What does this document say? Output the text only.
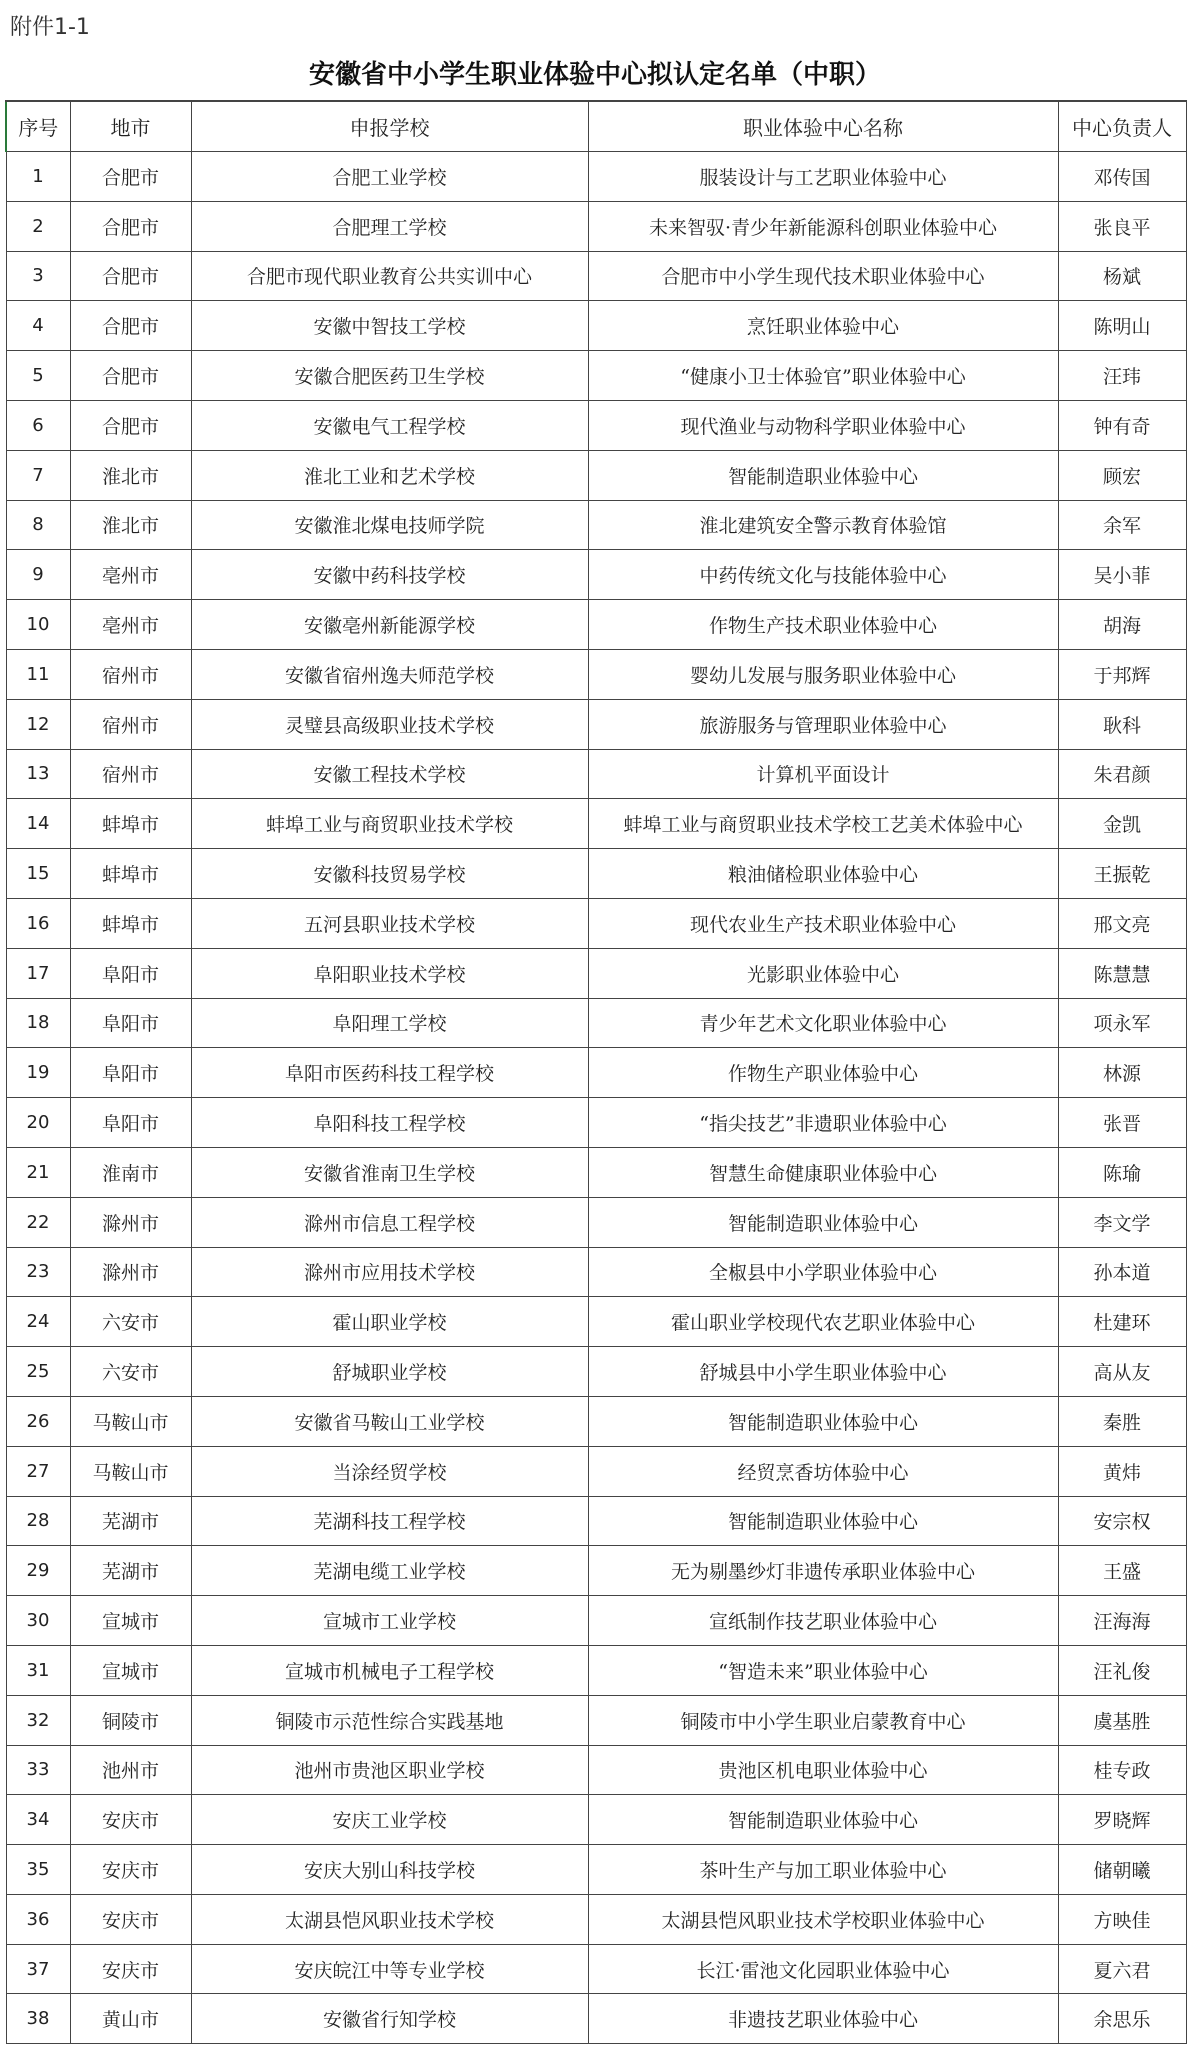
附件1-1
安徽省中小学生职业体验中心拟认定名单（中职）
序号	地市	申报学校	职业体验中心名称	中心负责人
1	合肥市	合肥工业学校	服装设计与工艺职业体验中心	邓传国
2	合肥市	合肥理工学校	未来智驭·青少年新能源科创职业体验中心	张良平
3	合肥市	合肥市现代职业教育公共实训中心	合肥市中小学生现代技术职业体验中心	杨斌
4	合肥市	安徽中智技工学校	烹饪职业体验中心	陈明山
5	合肥市	安徽合肥医药卫生学校	“健康小卫士体验官”职业体验中心	汪玮
6	合肥市	安徽电气工程学校	现代渔业与动物科学职业体验中心	钟有奇
7	淮北市	淮北工业和艺术学校	智能制造职业体验中心	顾宏
8	淮北市	安徽淮北煤电技师学院	淮北建筑安全警示教育体验馆	余军
9	亳州市	安徽中药科技学校	中药传统文化与技能体验中心	吴小菲
10	亳州市	安徽亳州新能源学校	作物生产技术职业体验中心	胡海
11	宿州市	安徽省宿州逸夫师范学校	婴幼儿发展与服务职业体验中心	于邦辉
12	宿州市	灵璧县高级职业技术学校	旅游服务与管理职业体验中心	耿科
13	宿州市	安徽工程技术学校	计算机平面设计	朱君颜
14	蚌埠市	蚌埠工业与商贸职业技术学校	蚌埠工业与商贸职业技术学校工艺美术体验中心	金凯
15	蚌埠市	安徽科技贸易学校	粮油储检职业体验中心	王振乾
16	蚌埠市	五河县职业技术学校	现代农业生产技术职业体验中心	邢文亮
17	阜阳市	阜阳职业技术学校	光影职业体验中心	陈慧慧
18	阜阳市	阜阳理工学校	青少年艺术文化职业体验中心	项永军
19	阜阳市	阜阳市医药科技工程学校	作物生产职业体验中心	林源
20	阜阳市	阜阳科技工程学校	“指尖技艺”非遗职业体验中心	张晋
21	淮南市	安徽省淮南卫生学校	智慧生命健康职业体验中心	陈瑜
22	滁州市	滁州市信息工程学校	智能制造职业体验中心	李文学
23	滁州市	滁州市应用技术学校	全椒县中小学职业体验中心	孙本道
24	六安市	霍山职业学校	霍山职业学校现代农艺职业体验中心	杜建环
25	六安市	舒城职业学校	舒城县中小学生职业体验中心	高从友
26	马鞍山市	安徽省马鞍山工业学校	智能制造职业体验中心	秦胜
27	马鞍山市	当涂经贸学校	经贸烹香坊体验中心	黄炜
28	芜湖市	芜湖科技工程学校	智能制造职业体验中心	安宗权
29	芜湖市	芜湖电缆工业学校	无为剔墨纱灯非遗传承职业体验中心	王盛
30	宣城市	宣城市工业学校	宣纸制作技艺职业体验中心	汪海海
31	宣城市	宣城市机械电子工程学校	“智造未来”职业体验中心	汪礼俊
32	铜陵市	铜陵市示范性综合实践基地	铜陵市中小学生职业启蒙教育中心	虞基胜
33	池州市	池州市贵池区职业学校	贵池区机电职业体验中心	桂专政
34	安庆市	安庆工业学校	智能制造职业体验中心	罗晓辉
35	安庆市	安庆大别山科技学校	茶叶生产与加工职业体验中心	储朝曦
36	安庆市	太湖县恺风职业技术学校	太湖县恺风职业技术学校职业体验中心	方映佳
37	安庆市	安庆皖江中等专业学校	长江·雷池文化园职业体验中心	夏六君
38	黄山市	安徽省行知学校	非遗技艺职业体验中心	余思乐
